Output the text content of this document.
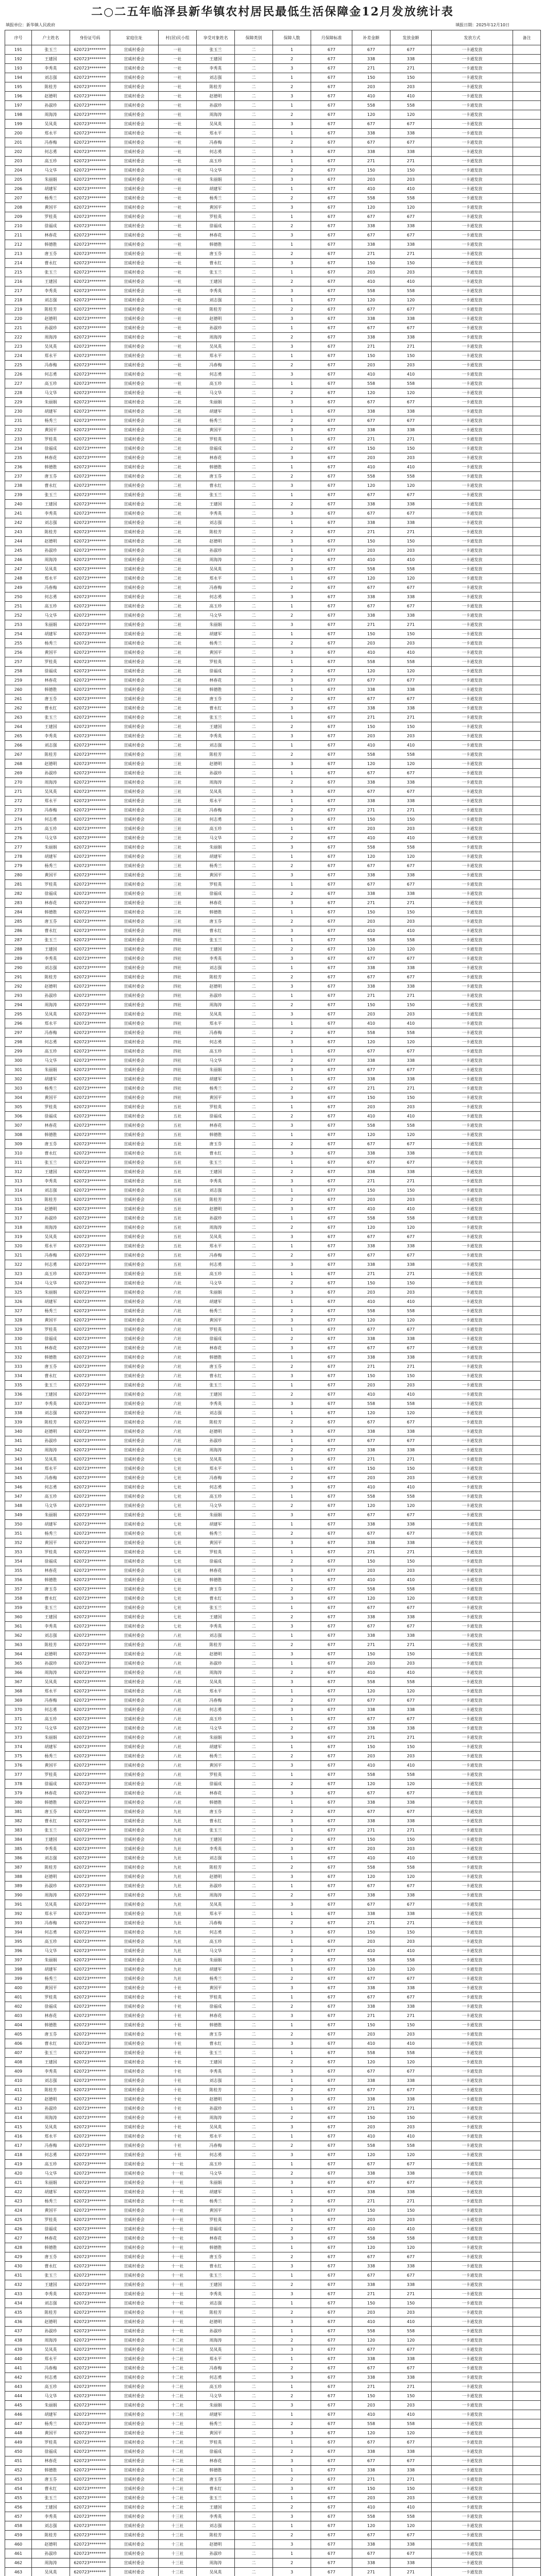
二○二五年临泽县新华镇农村居民最低生活保障金12月发放统计表
填报单位：新华镇人民政府	填报日期：2025年12月10日
序号	户主姓名	身份证号码	家庭住址	村(居)民小组	享受对象姓名	保障类别	保障人数	月保障标准	补差金额	发放金额	发放方式	备注
191	张玉兰	620723********	宣威村委会	一社	张玉兰	二	1	677	677	677	一卡通发放	
192	王建国	620723********	宣威村委会	一社	王建国	二	2	677	338	338	一卡通发放	
193	李秀英	620723********	宣威村委会	一社	李秀英	二	3	677	271	271	一卡通发放	
194	刘志强	620723********	宣威村委会	一社	刘志强	二	1	677	150	150	一卡通发放	
195	陈桂芳	620723********	宣威村委会	一社	陈桂芳	二	2	677	203	203	一卡通发放	
196	赵德明	620723********	宣威村委会	一社	赵德明	二	3	677	410	410	一卡通发放	
197	孙淑珍	620723********	宣威村委会	一社	孙淑珍	二	1	677	558	558	一卡通发放	
198	周海涛	620723********	宣威村委会	一社	周海涛	二	2	677	120	120	一卡通发放	
199	吴凤英	620723********	宣威村委会	一社	吴凤英	二	3	677	677	677	一卡通发放	
200	郑永平	620723********	宣威村委会	一社	郑永平	二	1	677	338	338	一卡通发放	
201	冯春梅	620723********	宣威村委会	一社	冯春梅	二	2	677	677	677	一卡通发放	
202	何志勇	620723********	宣威村委会	一社	何志勇	二	3	677	338	338	一卡通发放	
203	高玉珍	620723********	宣威村委会	一社	高玉珍	二	1	677	271	271	一卡通发放	
204	马文华	620723********	宣威村委会	一社	马文华	二	2	677	150	150	一卡通发放	
205	朱丽娟	620723********	宣威村委会	一社	朱丽娟	二	3	677	203	203	一卡通发放	
206	胡建军	620723********	宣威村委会	一社	胡建军	二	1	677	410	410	一卡通发放	
207	杨秀兰	620723********	宣威村委会	一社	杨秀兰	二	2	677	558	558	一卡通发放	
208	黄国平	620723********	宣威村委会	一社	黄国平	二	3	677	120	120	一卡通发放	
209	罗桂英	620723********	宣威村委会	一社	罗桂英	二	1	677	677	677	一卡通发放	
210	徐福成	620723********	宣威村委会	一社	徐福成	二	2	677	338	338	一卡通发放	
211	林春花	620723********	宣威村委会	一社	林春花	二	3	677	677	677	一卡通发放	
212	韩德胜	620723********	宣威村委会	一社	韩德胜	二	1	677	338	338	一卡通发放	
213	唐玉芬	620723********	宣威村委会	一社	唐玉芬	二	2	677	271	271	一卡通发放	
214	曹永红	620723********	宣威村委会	一社	曹永红	二	3	677	150	150	一卡通发放	
215	张玉兰	620723********	宣威村委会	一社	张玉兰	二	1	677	203	203	一卡通发放	
216	王建国	620723********	宣威村委会	一社	王建国	二	2	677	410	410	一卡通发放	
217	李秀英	620723********	宣威村委会	一社	李秀英	二	3	677	558	558	一卡通发放	
218	刘志强	620723********	宣威村委会	一社	刘志强	二	1	677	120	120	一卡通发放	
219	陈桂芳	620723********	宣威村委会	一社	陈桂芳	二	2	677	677	677	一卡通发放	
220	赵德明	620723********	宣威村委会	一社	赵德明	二	3	677	338	338	一卡通发放	
221	孙淑珍	620723********	宣威村委会	一社	孙淑珍	二	1	677	677	677	一卡通发放	
222	周海涛	620723********	宣威村委会	一社	周海涛	二	2	677	338	338	一卡通发放	
223	吴凤英	620723********	宣威村委会	一社	吴凤英	二	3	677	271	271	一卡通发放	
224	郑永平	620723********	宣威村委会	一社	郑永平	二	1	677	150	150	一卡通发放	
225	冯春梅	620723********	宣威村委会	一社	冯春梅	二	2	677	203	203	一卡通发放	
226	何志勇	620723********	宣威村委会	一社	何志勇	二	3	677	410	410	一卡通发放	
227	高玉珍	620723********	宣威村委会	一社	高玉珍	二	1	677	558	558	一卡通发放	
228	马文华	620723********	宣威村委会	一社	马文华	二	2	677	120	120	一卡通发放	
229	朱丽娟	620723********	宣威村委会	二社	朱丽娟	二	3	677	677	677	一卡通发放	
230	胡建军	620723********	宣威村委会	二社	胡建军	二	1	677	338	338	一卡通发放	
231	杨秀兰	620723********	宣威村委会	二社	杨秀兰	二	2	677	677	677	一卡通发放	
232	黄国平	620723********	宣威村委会	二社	黄国平	二	3	677	338	338	一卡通发放	
233	罗桂英	620723********	宣威村委会	二社	罗桂英	二	1	677	271	271	一卡通发放	
234	徐福成	620723********	宣威村委会	二社	徐福成	二	2	677	150	150	一卡通发放	
235	林春花	620723********	宣威村委会	二社	林春花	二	3	677	203	203	一卡通发放	
236	韩德胜	620723********	宣威村委会	二社	韩德胜	二	1	677	410	410	一卡通发放	
237	唐玉芬	620723********	宣威村委会	二社	唐玉芬	二	2	677	558	558	一卡通发放	
238	曹永红	620723********	宣威村委会	二社	曹永红	二	3	677	120	120	一卡通发放	
239	张玉兰	620723********	宣威村委会	二社	张玉兰	二	1	677	677	677	一卡通发放	
240	王建国	620723********	宣威村委会	二社	王建国	二	2	677	338	338	一卡通发放	
241	李秀英	620723********	宣威村委会	二社	李秀英	二	3	677	677	677	一卡通发放	
242	刘志强	620723********	宣威村委会	二社	刘志强	二	1	677	338	338	一卡通发放	
243	陈桂芳	620723********	宣威村委会	二社	陈桂芳	二	2	677	271	271	一卡通发放	
244	赵德明	620723********	宣威村委会	二社	赵德明	二	3	677	150	150	一卡通发放	
245	孙淑珍	620723********	宣威村委会	二社	孙淑珍	二	1	677	203	203	一卡通发放	
246	周海涛	620723********	宣威村委会	二社	周海涛	二	2	677	410	410	一卡通发放	
247	吴凤英	620723********	宣威村委会	二社	吴凤英	二	3	677	558	558	一卡通发放	
248	郑永平	620723********	宣威村委会	二社	郑永平	二	1	677	120	120	一卡通发放	
249	冯春梅	620723********	宣威村委会	二社	冯春梅	二	2	677	677	677	一卡通发放	
250	何志勇	620723********	宣威村委会	二社	何志勇	二	3	677	338	338	一卡通发放	
251	高玉珍	620723********	宣威村委会	二社	高玉珍	二	1	677	677	677	一卡通发放	
252	马文华	620723********	宣威村委会	二社	马文华	二	2	677	338	338	一卡通发放	
253	朱丽娟	620723********	宣威村委会	二社	朱丽娟	二	3	677	271	271	一卡通发放	
254	胡建军	620723********	宣威村委会	二社	胡建军	二	1	677	150	150	一卡通发放	
255	杨秀兰	620723********	宣威村委会	二社	杨秀兰	二	2	677	203	203	一卡通发放	
256	黄国平	620723********	宣威村委会	二社	黄国平	二	3	677	410	410	一卡通发放	
257	罗桂英	620723********	宣威村委会	二社	罗桂英	二	1	677	558	558	一卡通发放	
258	徐福成	620723********	宣威村委会	二社	徐福成	二	2	677	120	120	一卡通发放	
259	林春花	620723********	宣威村委会	二社	林春花	二	3	677	677	677	一卡通发放	
260	韩德胜	620723********	宣威村委会	二社	韩德胜	二	1	677	338	338	一卡通发放	
261	唐玉芬	620723********	宣威村委会	二社	唐玉芬	二	2	677	677	677	一卡通发放	
262	曹永红	620723********	宣威村委会	二社	曹永红	二	3	677	338	338	一卡通发放	
263	张玉兰	620723********	宣威村委会	二社	张玉兰	二	1	677	271	271	一卡通发放	
264	王建国	620723********	宣威村委会	二社	王建国	二	2	677	150	150	一卡通发放	
265	李秀英	620723********	宣威村委会	二社	李秀英	二	3	677	203	203	一卡通发放	
266	刘志强	620723********	宣威村委会	二社	刘志强	二	1	677	410	410	一卡通发放	
267	陈桂芳	620723********	宣威村委会	三社	陈桂芳	二	2	677	558	558	一卡通发放	
268	赵德明	620723********	宣威村委会	三社	赵德明	二	3	677	120	120	一卡通发放	
269	孙淑珍	620723********	宣威村委会	三社	孙淑珍	二	1	677	677	677	一卡通发放	
270	周海涛	620723********	宣威村委会	三社	周海涛	二	2	677	338	338	一卡通发放	
271	吴凤英	620723********	宣威村委会	三社	吴凤英	二	3	677	677	677	一卡通发放	
272	郑永平	620723********	宣威村委会	三社	郑永平	二	1	677	338	338	一卡通发放	
273	冯春梅	620723********	宣威村委会	三社	冯春梅	二	2	677	271	271	一卡通发放	
274	何志勇	620723********	宣威村委会	三社	何志勇	二	3	677	150	150	一卡通发放	
275	高玉珍	620723********	宣威村委会	三社	高玉珍	二	1	677	203	203	一卡通发放	
276	马文华	620723********	宣威村委会	三社	马文华	二	2	677	410	410	一卡通发放	
277	朱丽娟	620723********	宣威村委会	三社	朱丽娟	二	3	677	558	558	一卡通发放	
278	胡建军	620723********	宣威村委会	三社	胡建军	二	1	677	120	120	一卡通发放	
279	杨秀兰	620723********	宣威村委会	三社	杨秀兰	二	2	677	677	677	一卡通发放	
280	黄国平	620723********	宣威村委会	三社	黄国平	二	3	677	338	338	一卡通发放	
281	罗桂英	620723********	宣威村委会	三社	罗桂英	二	1	677	677	677	一卡通发放	
282	徐福成	620723********	宣威村委会	三社	徐福成	二	2	677	338	338	一卡通发放	
283	林春花	620723********	宣威村委会	三社	林春花	二	3	677	271	271	一卡通发放	
284	韩德胜	620723********	宣威村委会	三社	韩德胜	二	1	677	150	150	一卡通发放	
285	唐玉芬	620723********	宣威村委会	三社	唐玉芬	二	2	677	203	203	一卡通发放	
286	曹永红	620723********	宣威村委会	四社	曹永红	二	3	677	410	410	一卡通发放	
287	张玉兰	620723********	宣威村委会	四社	张玉兰	二	1	677	558	558	一卡通发放	
288	王建国	620723********	宣威村委会	四社	王建国	二	2	677	120	120	一卡通发放	
289	李秀英	620723********	宣威村委会	四社	李秀英	二	3	677	677	677	一卡通发放	
290	刘志强	620723********	宣威村委会	四社	刘志强	二	1	677	338	338	一卡通发放	
291	陈桂芳	620723********	宣威村委会	四社	陈桂芳	二	2	677	677	677	一卡通发放	
292	赵德明	620723********	宣威村委会	四社	赵德明	二	3	677	338	338	一卡通发放	
293	孙淑珍	620723********	宣威村委会	四社	孙淑珍	二	1	677	271	271	一卡通发放	
294	周海涛	620723********	宣威村委会	四社	周海涛	二	2	677	150	150	一卡通发放	
295	吴凤英	620723********	宣威村委会	四社	吴凤英	二	3	677	203	203	一卡通发放	
296	郑永平	620723********	宣威村委会	四社	郑永平	二	1	677	410	410	一卡通发放	
297	冯春梅	620723********	宣威村委会	四社	冯春梅	二	2	677	558	558	一卡通发放	
298	何志勇	620723********	宣威村委会	四社	何志勇	二	3	677	120	120	一卡通发放	
299	高玉珍	620723********	宣威村委会	四社	高玉珍	二	1	677	677	677	一卡通发放	
300	马文华	620723********	宣威村委会	四社	马文华	二	2	677	338	338	一卡通发放	
301	朱丽娟	620723********	宣威村委会	四社	朱丽娟	二	3	677	677	677	一卡通发放	
302	胡建军	620723********	宣威村委会	四社	胡建军	二	1	677	338	338	一卡通发放	
303	杨秀兰	620723********	宣威村委会	四社	杨秀兰	二	2	677	271	271	一卡通发放	
304	黄国平	620723********	宣威村委会	四社	黄国平	二	3	677	150	150	一卡通发放	
305	罗桂英	620723********	宣威村委会	五社	罗桂英	二	1	677	203	203	一卡通发放	
306	徐福成	620723********	宣威村委会	五社	徐福成	二	2	677	410	410	一卡通发放	
307	林春花	620723********	宣威村委会	五社	林春花	二	3	677	558	558	一卡通发放	
308	韩德胜	620723********	宣威村委会	五社	韩德胜	二	1	677	120	120	一卡通发放	
309	唐玉芬	620723********	宣威村委会	五社	唐玉芬	二	2	677	677	677	一卡通发放	
310	曹永红	620723********	宣威村委会	五社	曹永红	二	3	677	338	338	一卡通发放	
311	张玉兰	620723********	宣威村委会	五社	张玉兰	二	1	677	677	677	一卡通发放	
312	王建国	620723********	宣威村委会	五社	王建国	二	2	677	338	338	一卡通发放	
313	李秀英	620723********	宣威村委会	五社	李秀英	二	3	677	271	271	一卡通发放	
314	刘志强	620723********	宣威村委会	五社	刘志强	二	1	677	150	150	一卡通发放	
315	陈桂芳	620723********	宣威村委会	五社	陈桂芳	二	2	677	203	203	一卡通发放	
316	赵德明	620723********	宣威村委会	五社	赵德明	二	3	677	410	410	一卡通发放	
317	孙淑珍	620723********	宣威村委会	五社	孙淑珍	二	1	677	558	558	一卡通发放	
318	周海涛	620723********	宣威村委会	五社	周海涛	二	2	677	120	120	一卡通发放	
319	吴凤英	620723********	宣威村委会	五社	吴凤英	二	3	677	677	677	一卡通发放	
320	郑永平	620723********	宣威村委会	五社	郑永平	二	1	677	338	338	一卡通发放	
321	冯春梅	620723********	宣威村委会	五社	冯春梅	二	2	677	677	677	一卡通发放	
322	何志勇	620723********	宣威村委会	五社	何志勇	二	3	677	338	338	一卡通发放	
323	高玉珍	620723********	宣威村委会	五社	高玉珍	二	1	677	271	271	一卡通发放	
324	马文华	620723********	宣威村委会	六社	马文华	二	2	677	150	150	一卡通发放	
325	朱丽娟	620723********	宣威村委会	六社	朱丽娟	二	3	677	203	203	一卡通发放	
326	胡建军	620723********	宣威村委会	六社	胡建军	二	1	677	410	410	一卡通发放	
327	杨秀兰	620723********	宣威村委会	六社	杨秀兰	二	2	677	558	558	一卡通发放	
328	黄国平	620723********	宣威村委会	六社	黄国平	二	3	677	120	120	一卡通发放	
329	罗桂英	620723********	宣威村委会	六社	罗桂英	二	1	677	677	677	一卡通发放	
330	徐福成	620723********	宣威村委会	六社	徐福成	二	2	677	338	338	一卡通发放	
331	林春花	620723********	宣威村委会	六社	林春花	二	3	677	677	677	一卡通发放	
332	韩德胜	620723********	宣威村委会	六社	韩德胜	二	1	677	338	338	一卡通发放	
333	唐玉芬	620723********	宣威村委会	六社	唐玉芬	二	2	677	271	271	一卡通发放	
334	曹永红	620723********	宣威村委会	六社	曹永红	二	3	677	150	150	一卡通发放	
335	张玉兰	620723********	宣威村委会	六社	张玉兰	二	1	677	203	203	一卡通发放	
336	王建国	620723********	宣威村委会	六社	王建国	二	2	677	410	410	一卡通发放	
337	李秀英	620723********	宣威村委会	六社	李秀英	二	3	677	558	558	一卡通发放	
338	刘志强	620723********	宣威村委会	六社	刘志强	二	1	677	120	120	一卡通发放	
339	陈桂芳	620723********	宣威村委会	六社	陈桂芳	二	2	677	677	677	一卡通发放	
340	赵德明	620723********	宣威村委会	六社	赵德明	二	3	677	338	338	一卡通发放	
341	孙淑珍	620723********	宣威村委会	六社	孙淑珍	二	1	677	677	677	一卡通发放	
342	周海涛	620723********	宣威村委会	六社	周海涛	二	2	677	338	338	一卡通发放	
343	吴凤英	620723********	宣威村委会	七社	吴凤英	二	3	677	271	271	一卡通发放	
344	郑永平	620723********	宣威村委会	七社	郑永平	二	1	677	150	150	一卡通发放	
345	冯春梅	620723********	宣威村委会	七社	冯春梅	二	2	677	203	203	一卡通发放	
346	何志勇	620723********	宣威村委会	七社	何志勇	二	3	677	410	410	一卡通发放	
347	高玉珍	620723********	宣威村委会	七社	高玉珍	二	1	677	558	558	一卡通发放	
348	马文华	620723********	宣威村委会	七社	马文华	二	2	677	120	120	一卡通发放	
349	朱丽娟	620723********	宣威村委会	七社	朱丽娟	二	3	677	677	677	一卡通发放	
350	胡建军	620723********	宣威村委会	七社	胡建军	二	1	677	338	338	一卡通发放	
351	杨秀兰	620723********	宣威村委会	七社	杨秀兰	二	2	677	677	677	一卡通发放	
352	黄国平	620723********	宣威村委会	七社	黄国平	二	3	677	338	338	一卡通发放	
353	罗桂英	620723********	宣威村委会	七社	罗桂英	二	1	677	271	271	一卡通发放	
354	徐福成	620723********	宣威村委会	七社	徐福成	二	2	677	150	150	一卡通发放	
355	林春花	620723********	宣威村委会	七社	林春花	二	3	677	203	203	一卡通发放	
356	韩德胜	620723********	宣威村委会	七社	韩德胜	二	1	677	410	410	一卡通发放	
357	唐玉芬	620723********	宣威村委会	七社	唐玉芬	二	2	677	558	558	一卡通发放	
358	曹永红	620723********	宣威村委会	七社	曹永红	二	3	677	120	120	一卡通发放	
359	张玉兰	620723********	宣威村委会	七社	张玉兰	二	1	677	677	677	一卡通发放	
360	王建国	620723********	宣威村委会	七社	王建国	二	2	677	338	338	一卡通发放	
361	李秀英	620723********	宣威村委会	七社	李秀英	二	3	677	677	677	一卡通发放	
362	刘志强	620723********	宣威村委会	八社	刘志强	二	1	677	338	338	一卡通发放	
363	陈桂芳	620723********	宣威村委会	八社	陈桂芳	二	2	677	271	271	一卡通发放	
364	赵德明	620723********	宣威村委会	八社	赵德明	二	3	677	150	150	一卡通发放	
365	孙淑珍	620723********	宣威村委会	八社	孙淑珍	二	1	677	203	203	一卡通发放	
366	周海涛	620723********	宣威村委会	八社	周海涛	二	2	677	410	410	一卡通发放	
367	吴凤英	620723********	宣威村委会	八社	吴凤英	二	3	677	558	558	一卡通发放	
368	郑永平	620723********	宣威村委会	八社	郑永平	二	1	677	120	120	一卡通发放	
369	冯春梅	620723********	宣威村委会	八社	冯春梅	二	2	677	677	677	一卡通发放	
370	何志勇	620723********	宣威村委会	八社	何志勇	二	3	677	338	338	一卡通发放	
371	高玉珍	620723********	宣威村委会	八社	高玉珍	二	1	677	677	677	一卡通发放	
372	马文华	620723********	宣威村委会	八社	马文华	二	2	677	338	338	一卡通发放	
373	朱丽娟	620723********	宣威村委会	八社	朱丽娟	二	3	677	271	271	一卡通发放	
374	胡建军	620723********	宣威村委会	八社	胡建军	二	1	677	150	150	一卡通发放	
375	杨秀兰	620723********	宣威村委会	八社	杨秀兰	二	2	677	203	203	一卡通发放	
376	黄国平	620723********	宣威村委会	八社	黄国平	二	3	677	410	410	一卡通发放	
377	罗桂英	620723********	宣威村委会	八社	罗桂英	二	1	677	558	558	一卡通发放	
378	徐福成	620723********	宣威村委会	八社	徐福成	二	2	677	120	120	一卡通发放	
379	林春花	620723********	宣威村委会	八社	林春花	二	3	677	677	677	一卡通发放	
380	韩德胜	620723********	宣威村委会	八社	韩德胜	二	1	677	338	338	一卡通发放	
381	唐玉芬	620723********	宣威村委会	九社	唐玉芬	二	2	677	677	677	一卡通发放	
382	曹永红	620723********	宣威村委会	九社	曹永红	二	3	677	338	338	一卡通发放	
383	张玉兰	620723********	宣威村委会	九社	张玉兰	二	1	677	271	271	一卡通发放	
384	王建国	620723********	宣威村委会	九社	王建国	二	2	677	150	150	一卡通发放	
385	李秀英	620723********	宣威村委会	九社	李秀英	二	3	677	203	203	一卡通发放	
386	刘志强	620723********	宣威村委会	九社	刘志强	二	1	677	410	410	一卡通发放	
387	陈桂芳	620723********	宣威村委会	九社	陈桂芳	二	2	677	558	558	一卡通发放	
388	赵德明	620723********	宣威村委会	九社	赵德明	二	3	677	120	120	一卡通发放	
389	孙淑珍	620723********	宣威村委会	九社	孙淑珍	二	1	677	677	677	一卡通发放	
390	周海涛	620723********	宣威村委会	九社	周海涛	二	2	677	338	338	一卡通发放	
391	吴凤英	620723********	宣威村委会	九社	吴凤英	二	3	677	677	677	一卡通发放	
392	郑永平	620723********	宣威村委会	九社	郑永平	二	1	677	338	338	一卡通发放	
393	冯春梅	620723********	宣威村委会	九社	冯春梅	二	2	677	271	271	一卡通发放	
394	何志勇	620723********	宣威村委会	九社	何志勇	二	3	677	150	150	一卡通发放	
395	高玉珍	620723********	宣威村委会	九社	高玉珍	二	1	677	203	203	一卡通发放	
396	马文华	620723********	宣威村委会	九社	马文华	二	2	677	410	410	一卡通发放	
397	朱丽娟	620723********	宣威村委会	九社	朱丽娟	二	3	677	558	558	一卡通发放	
398	胡建军	620723********	宣威村委会	九社	胡建军	二	1	677	120	120	一卡通发放	
399	杨秀兰	620723********	宣威村委会	九社	杨秀兰	二	2	677	677	677	一卡通发放	
400	黄国平	620723********	宣威村委会	十社	黄国平	二	3	677	338	338	一卡通发放	
401	罗桂英	620723********	宣威村委会	十社	罗桂英	二	1	677	677	677	一卡通发放	
402	徐福成	620723********	宣威村委会	十社	徐福成	二	2	677	338	338	一卡通发放	
403	林春花	620723********	宣威村委会	十社	林春花	二	3	677	271	271	一卡通发放	
404	韩德胜	620723********	宣威村委会	十社	韩德胜	二	1	677	150	150	一卡通发放	
405	唐玉芬	620723********	宣威村委会	十社	唐玉芬	二	2	677	203	203	一卡通发放	
406	曹永红	620723********	宣威村委会	十社	曹永红	二	3	677	410	410	一卡通发放	
407	张玉兰	620723********	宣威村委会	十社	张玉兰	二	1	677	558	558	一卡通发放	
408	王建国	620723********	宣威村委会	十社	王建国	二	2	677	120	120	一卡通发放	
409	李秀英	620723********	宣威村委会	十社	李秀英	二	3	677	677	677	一卡通发放	
410	刘志强	620723********	宣威村委会	十社	刘志强	二	1	677	338	338	一卡通发放	
411	陈桂芳	620723********	宣威村委会	十社	陈桂芳	二	2	677	677	677	一卡通发放	
412	赵德明	620723********	宣威村委会	十社	赵德明	二	3	677	338	338	一卡通发放	
413	孙淑珍	620723********	宣威村委会	十社	孙淑珍	二	1	677	271	271	一卡通发放	
414	周海涛	620723********	宣威村委会	十社	周海涛	二	2	677	150	150	一卡通发放	
415	吴凤英	620723********	宣威村委会	十社	吴凤英	二	3	677	203	203	一卡通发放	
416	郑永平	620723********	宣威村委会	十社	郑永平	二	1	677	410	410	一卡通发放	
417	冯春梅	620723********	宣威村委会	十社	冯春梅	二	2	677	558	558	一卡通发放	
418	何志勇	620723********	宣威村委会	十社	何志勇	二	3	677	120	120	一卡通发放	
419	高玉珍	620723********	宣威村委会	十一社	高玉珍	二	1	677	677	677	一卡通发放	
420	马文华	620723********	宣威村委会	十一社	马文华	二	2	677	338	338	一卡通发放	
421	朱丽娟	620723********	宣威村委会	十一社	朱丽娟	二	3	677	677	677	一卡通发放	
422	胡建军	620723********	宣威村委会	十一社	胡建军	二	1	677	338	338	一卡通发放	
423	杨秀兰	620723********	宣威村委会	十一社	杨秀兰	二	2	677	271	271	一卡通发放	
424	黄国平	620723********	宣威村委会	十一社	黄国平	二	3	677	150	150	一卡通发放	
425	罗桂英	620723********	宣威村委会	十一社	罗桂英	二	1	677	203	203	一卡通发放	
426	徐福成	620723********	宣威村委会	十一社	徐福成	二	2	677	410	410	一卡通发放	
427	林春花	620723********	宣威村委会	十一社	林春花	二	3	677	558	558	一卡通发放	
428	韩德胜	620723********	宣威村委会	十一社	韩德胜	二	1	677	120	120	一卡通发放	
429	唐玉芬	620723********	宣威村委会	十一社	唐玉芬	二	2	677	677	677	一卡通发放	
430	曹永红	620723********	宣威村委会	十一社	曹永红	二	3	677	338	338	一卡通发放	
431	张玉兰	620723********	宣威村委会	十一社	张玉兰	二	1	677	677	677	一卡通发放	
432	王建国	620723********	宣威村委会	十一社	王建国	二	2	677	338	338	一卡通发放	
433	李秀英	620723********	宣威村委会	十一社	李秀英	二	3	677	271	271	一卡通发放	
434	刘志强	620723********	宣威村委会	十一社	刘志强	二	1	677	150	150	一卡通发放	
435	陈桂芳	620723********	宣威村委会	十一社	陈桂芳	二	2	677	203	203	一卡通发放	
436	赵德明	620723********	宣威村委会	十一社	赵德明	二	3	677	410	410	一卡通发放	
437	孙淑珍	620723********	宣威村委会	十一社	孙淑珍	二	1	677	558	558	一卡通发放	
438	周海涛	620723********	宣威村委会	十二社	周海涛	二	2	677	120	120	一卡通发放	
439	吴凤英	620723********	宣威村委会	十二社	吴凤英	二	3	677	677	677	一卡通发放	
440	郑永平	620723********	宣威村委会	十二社	郑永平	二	1	677	338	338	一卡通发放	
441	冯春梅	620723********	宣威村委会	十二社	冯春梅	二	2	677	677	677	一卡通发放	
442	何志勇	620723********	宣威村委会	十二社	何志勇	二	3	677	338	338	一卡通发放	
443	高玉珍	620723********	宣威村委会	十二社	高玉珍	二	1	677	271	271	一卡通发放	
444	马文华	620723********	宣威村委会	十二社	马文华	二	2	677	150	150	一卡通发放	
445	朱丽娟	620723********	宣威村委会	十二社	朱丽娟	二	3	677	203	203	一卡通发放	
446	胡建军	620723********	宣威村委会	十二社	胡建军	二	1	677	410	410	一卡通发放	
447	杨秀兰	620723********	宣威村委会	十二社	杨秀兰	二	2	677	558	558	一卡通发放	
448	黄国平	620723********	宣威村委会	十二社	黄国平	二	3	677	120	120	一卡通发放	
449	罗桂英	620723********	宣威村委会	十二社	罗桂英	二	1	677	677	677	一卡通发放	
450	徐福成	620723********	宣威村委会	十二社	徐福成	二	2	677	338	338	一卡通发放	
451	林春花	620723********	宣威村委会	十二社	林春花	二	3	677	677	677	一卡通发放	
452	韩德胜	620723********	宣威村委会	十二社	韩德胜	二	1	677	338	338	一卡通发放	
453	唐玉芬	620723********	宣威村委会	十二社	唐玉芬	二	2	677	271	271	一卡通发放	
454	曹永红	620723********	宣威村委会	十二社	曹永红	二	3	677	150	150	一卡通发放	
455	张玉兰	620723********	宣威村委会	十二社	张玉兰	二	1	677	203	203	一卡通发放	
456	王建国	620723********	宣威村委会	十二社	王建国	二	2	677	410	410	一卡通发放	
457	李秀英	620723********	宣威村委会	十三社	李秀英	二	3	677	558	558	一卡通发放	
458	刘志强	620723********	宣威村委会	十三社	刘志强	二	1	677	120	120	一卡通发放	
459	陈桂芳	620723********	宣威村委会	十三社	陈桂芳	二	2	677	677	677	一卡通发放	
460	赵德明	620723********	宣威村委会	十三社	赵德明	二	3	677	338	338	一卡通发放	
461	孙淑珍	620723********	宣威村委会	十三社	孙淑珍	二	1	677	677	677	一卡通发放	
462	周海涛	620723********	宣威村委会	十三社	周海涛	二	2	677	338	338	一卡通发放	
463	吴凤英	620723********	宣威村委会	十三社	吴凤英	二	3	677	271	271	一卡通发放	
